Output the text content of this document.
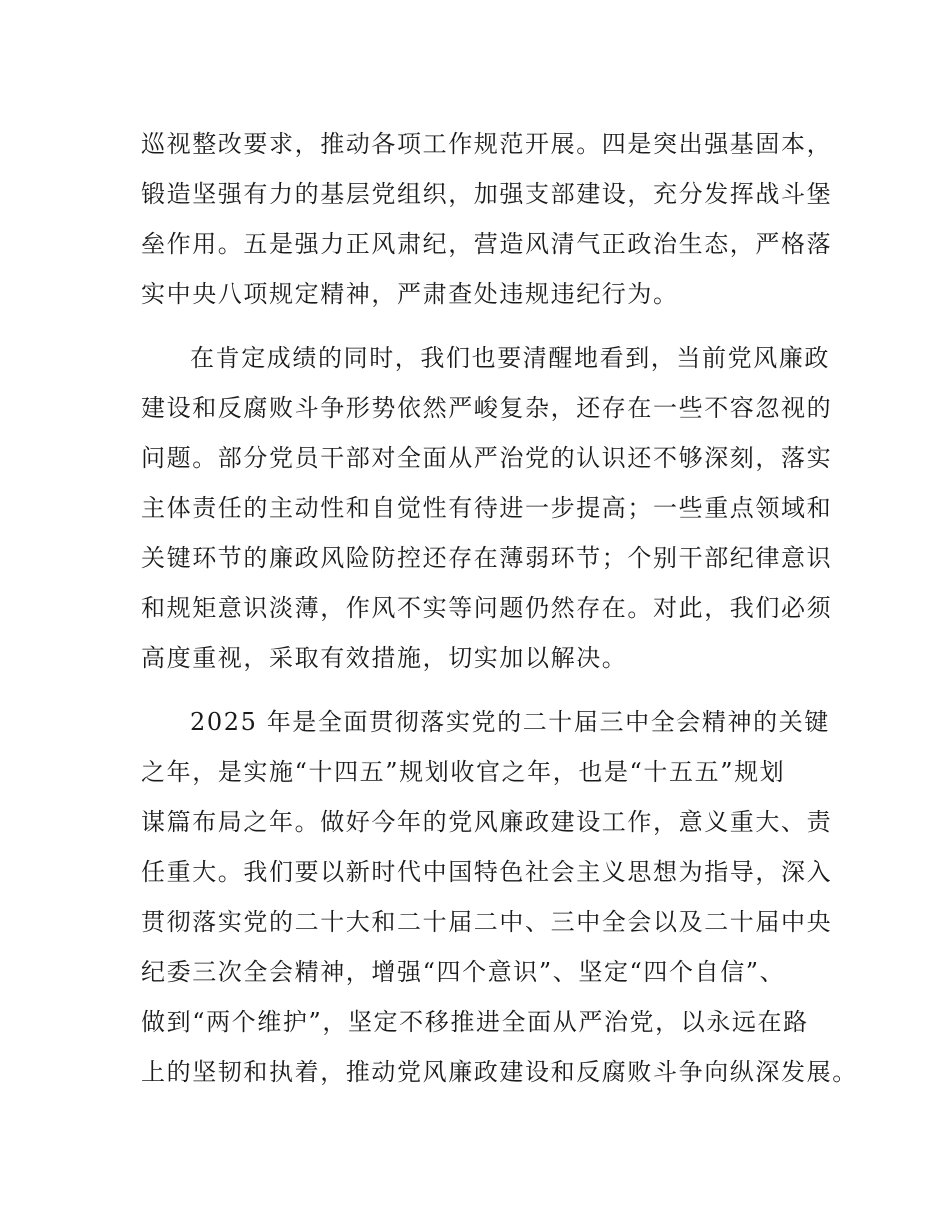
巡视整改要求，推动各项工作规范开展。四是突出强基固本，
锻造坚强有力的基层党组织，加强支部建设，充分发挥战斗堡
垒作用。五是强力正风肃纪，营造风清气正政治生态，严格落
实中央八项规定精神，严肃查处违规违纪行为。
在肯定成绩的同时，我们也要清醒地看到，当前党风廉政
建设和反腐败斗争形势依然严峻复杂，还存在一些不容忽视的
问题。部分党员干部对全面从严治党的认识还不够深刻，落实
主体责任的主动性和自觉性有待进一步提高；一些重点领域和
关键环节的廉政风险防控还存在薄弱环节；个别干部纪律意识
和规矩意识淡薄，作风不实等问题仍然存在。对此，我们必须
高度重视，采取有效措施，切实加以解决。
2025 年是全面贯彻落实党的二十届三中全会精神的关键
之年，是实施“十四五”规划收官之年，也是“十五五”规划
谋篇布局之年。做好今年的党风廉政建设工作，意义重大、责
任重大。我们要以新时代中国特色社会主义思想为指导，深入
贯彻落实党的二十大和二十届二中、三中全会以及二十届中央
纪委三次全会精神，增强“四个意识”、坚定“四个自信”、
做到“两个维护”，坚定不移推进全面从严治党，以永远在路
上的坚韧和执着，推动党风廉政建设和反腐败斗争向纵深发展。
